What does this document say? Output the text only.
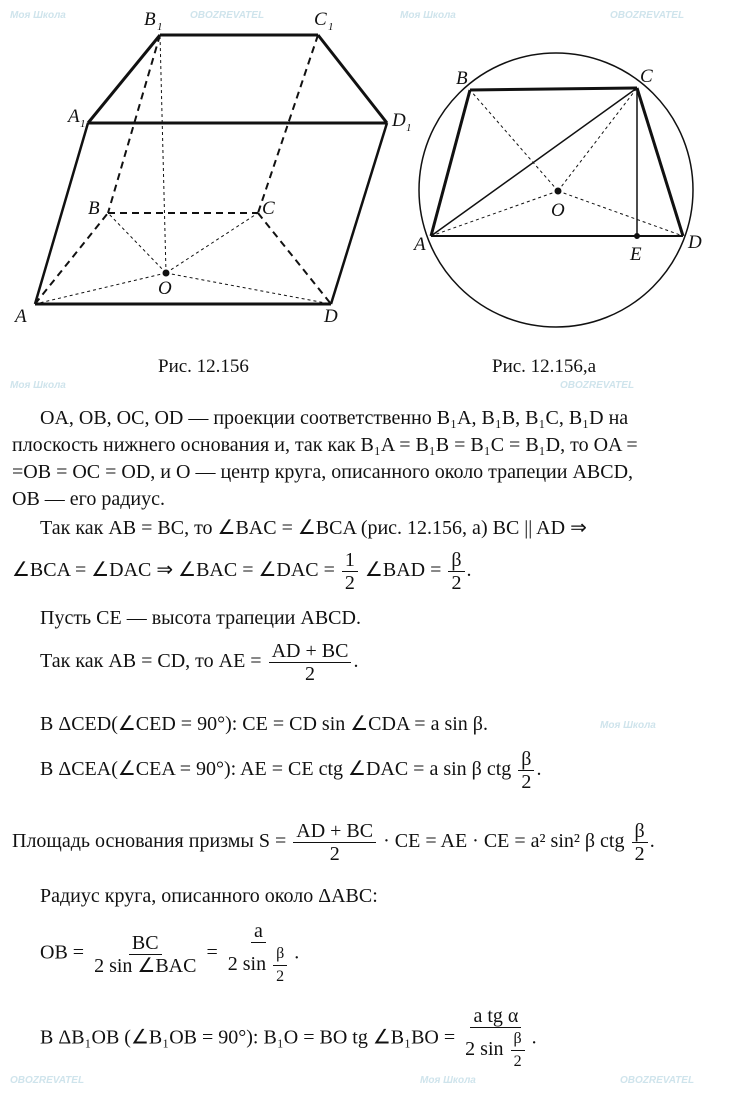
Моя Школа	OBOZREVATEL	Моя Школа	OBOZREVATEL
OBOZREVATEL
Моя Школа
Моя Школа
OBOZREVATEL	Моя Школа	OBOZREVATEL
B 1	C 1
A 1	D 1
B	C
O
A	D
B	C
O
A	E
D
Рис. 12.156	Рис. 12.156,а
OA, OB, OC, OD — проекции соответственно B₁A, B₁B, B₁C, B₁D на
плоскость нижнего основания и, так как B₁A = B₁B = B₁C = B₁D, то OA =
=OB = OC = OD, и O — центр круга, описанного около трапеции ABCD,
OB — его радиус.
Так как AB = BC, то ∠BAC = ∠BCA (рис. 12.156, а) BC || AD ⇒
∠BCA = ∠DAC ⇒ ∠BAC = ∠DAC = $\frac{1}{2}$ ∠BAD = $\frac{\beta}{2}$ .
Пусть CE — высота трапеции ABCD.
Так как AB = CD, то AE = $\frac{AD + BC}{2}$ .
В ΔCED(∠CED = 90°): CE = CD sin ∠CDA = a sin β.
В ΔCEA(∠CEA = 90°): AE = CE ctg ∠DAC = a sin β ctg $\frac{\beta}{2}$ .
Площадь основания призмы $S = \frac{AD + BC}{2}$ · CE = AE · CE = a² sin² β ctg $\frac{\beta}{2}$ .
Радиус круга, описанного около ΔABC:
OB = $\frac{BC}{\text{2 sin ∠BAC}} = \frac{a}{2 \sin \frac{\beta}{2}}$ .
В ΔB₁OB (∠B₁OB = 90°): B₁O = BO tg ∠B₁BO = $\frac{\text{a tg α}}{2 \sin \frac{\beta}{2}}$ .
